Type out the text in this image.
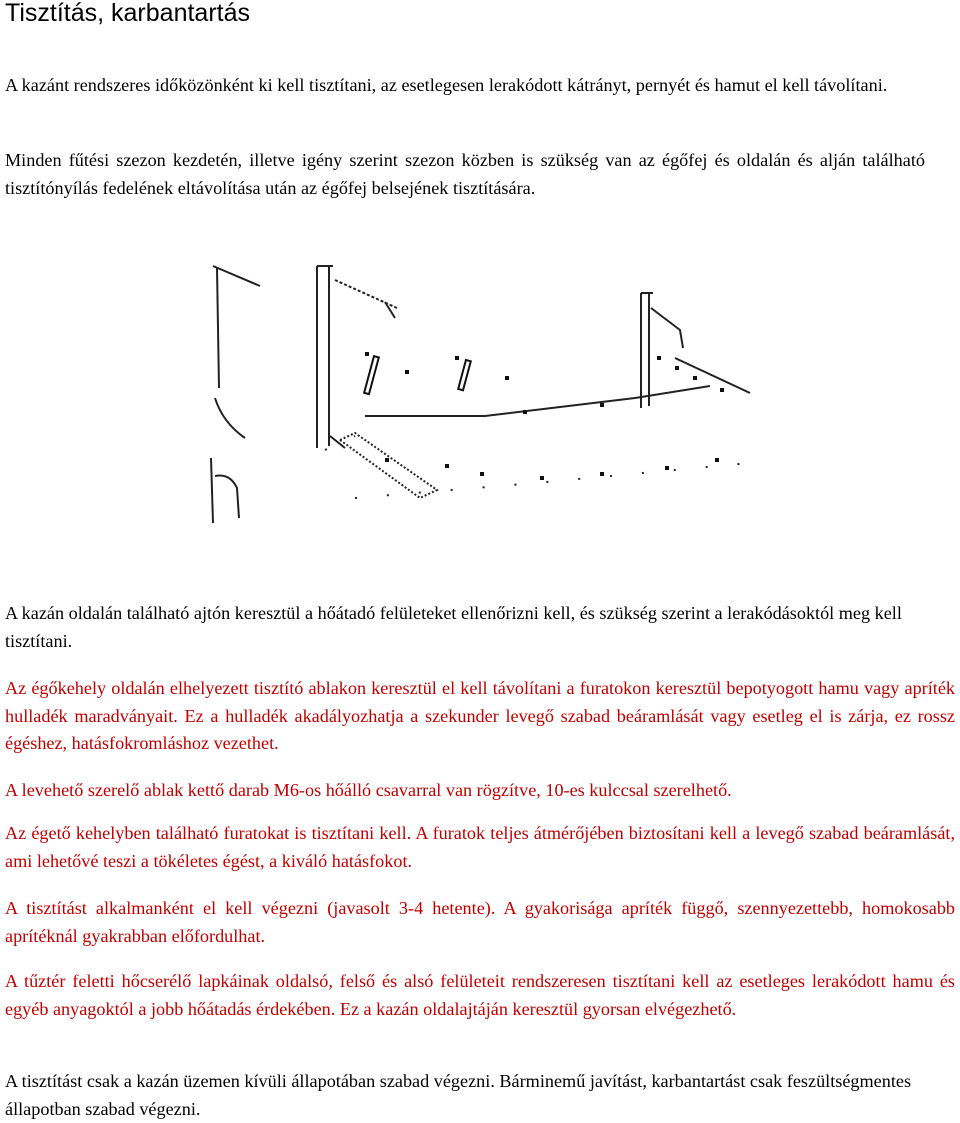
Tisztítás, karbantartás

A kazánt rendszeres időközönként ki kell tisztítani, az esetlegesen lerakódott kátrányt, pernyét és hamut el kell távolítani.

Minden fűtési szezon kezdetén, illetve igény szerint szezon közben is szükség van az égőfej és oldalán és alján található tisztítónyílás fedelének eltávolítása után az égőfej belsejének tisztítására.

A kazán oldalán található ajtón keresztül a hőátadó felületeket ellenőrizni kell, és szükség szerint a lerakódásoktól meg kell tisztítani.

Az égőkehely oldalán elhelyezett tisztító ablakon keresztül el kell távolítani a furatokon keresztül bepotyogott hamu vagy apríték hulladék maradványait. Ez a hulladék akadályozhatja a szekunder levegő szabad beáramlását vagy esetleg el is zárja, ez rossz égéshez, hatásfokromláshoz vezethet.

A levehető szerelő ablak kettő darab M6-os hőálló csavarral van rögzítve, 10-es kulccsal szerelhető.

Az égető kehelyben található furatokat is tisztítani kell. A furatok teljes átmérőjében biztosítani kell a levegő szabad beáramlását, ami lehetővé teszi a tökéletes égést, a kiváló hatásfokot.

A tisztítást alkalmanként el kell végezni (javasolt 3-4 hetente). A gyakorisága apríték függő, szennyezettebb, homokosabb aprítéknál gyakrabban előfordulhat.

A tűztér feletti hőcserélő lapkáinak oldalsó, felső és alsó felületeit rendszeresen tisztítani kell az esetleges lerakódott hamu és egyéb anyagoktól a jobb hőátadás érdekében. Ez a kazán oldalajtáján keresztül gyorsan elvégezhető.

A tisztítást csak a kazán üzemen kívüli állapotában szabad végezni. Bárminemű javítást, karbantartást csak feszültségmentes állapotban szabad végezni.
